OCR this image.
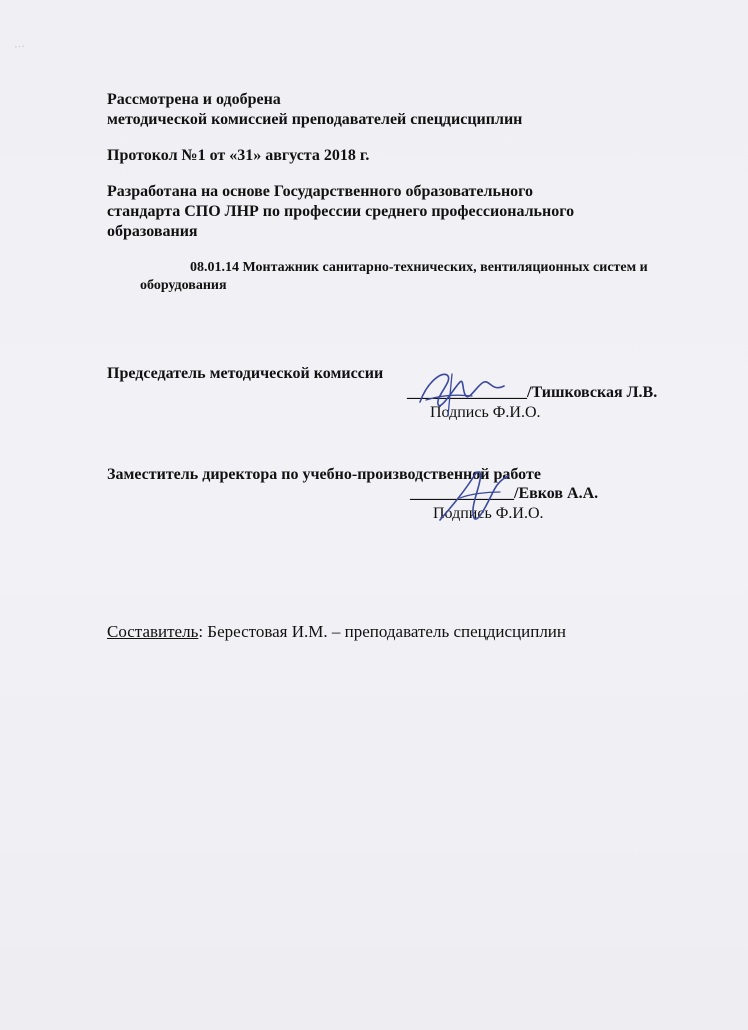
⋯
Рассмотрена и одобрена
методической комиссией преподавателей спецдисциплин
Протокол №1 от «31» августа 2018 г.
Разработана на основе Государственного образовательного
стандарта СПО ЛНР по профессии среднего профессионального
образования
08.01.14 Монтажник санитарно-технических, вентиляционных систем и
оборудования
Председатель методической комиссии
_______________/Тишковская Л.В.
Подпись Ф.И.О.
Заместитель директора по учебно-производственной работе
_____________/Евков А.А.
Подпись Ф.И.О.
Составитель: Берестовая И.М. – преподаватель спецдисциплин
